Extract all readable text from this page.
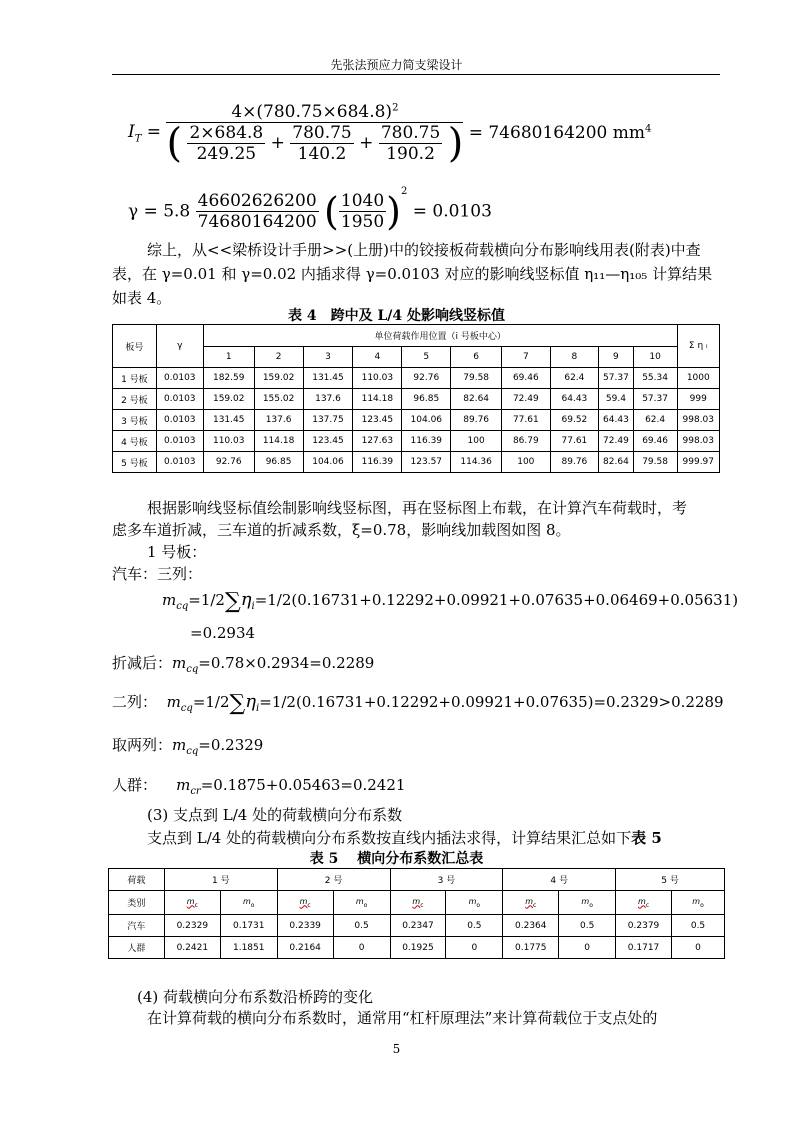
先张法预应力简支梁设计
$I_T$ =
$4\times(780.75\times 684.8)^2$
( $\frac{2\times 684.8}{249.25} + \frac{780.75}{140.2} + \frac{780.75}{190.2}$ ) = 74680164200 $mm^4$
$\gamma = 5.8 \frac{46602626200}{74680164200}$ ( $\frac{1040}{1950} )^2 = 0.0103$
综上，从<<梁桥设计手册>>(上册)中的铰接板荷载横向分布影响线用表(附表)中查
表，在 γ=0.01 和 γ=0.02 内插求得 γ=0.0103 对应的影响线竖标值 η₁₁—η₁₀₅ 计算结果
如表 4。
表 4　跨中及 L/4 处影响线竖标值
板号	γ	单位荷载作用位置（i 号板中心）										Σ η ᵢ
		1	2	3	4	5	6	7	8	9	10	
1 号板	0.0103	182.59	159.02	131.45	110.03	92.76	79.58	69.46	62.4	57.37	55.34	1000
2 号板	0.0103	159.02	155.02	137.6	114.18	96.85	82.64	72.49	64.43	59.4	57.37	999
3 号板	0.0103	131.45	137.6	137.75	123.45	104.06	89.76	77.61	69.52	64.43	62.4	998.03
4 号板	0.0103	110.03	114.18	123.45	127.63	116.39	100	86.79	77.61	72.49	69.46	998.03
5 号板	0.0103	92.76	96.85	104.06	116.39	123.57	114.36	100	89.76	82.64	79.58	999.97
根据影响线竖标值绘制影响线竖标图，再在竖标图上布载，在计算汽车荷载时，考
虑多车道折减，三车道的折减系数，ξ=0.78，影响线加载图如图 8。
1 号板：
汽车：三列：
$m_{cq}=1/2\sum\eta_i=1/2(0.16731+0.12292+0.09921+0.07635+0.06469+0.05631)$
=0.2934
折减后：$m_{cq}=0.78\times 0.2934=0.2289$
二列： $m_{cq}=1/2\sum\eta_i=1/2(0.16731+0.12292+0.09921+0.07635)=0.2329>0.2289$
取两列：$m_{cq}=0.2329$
人群： $m_{cr}=0.1875+0.05463=0.2421$
(3) 支点到 L/4 处的荷载横向分布系数
支点到 L/4 处的荷载横向分布系数按直线内插法求得，计算结果汇总如下表 5
表 5　 横向分布系数汇总表
荷载	1 号		2 号		3 号		4 号		5 号	
类别	$m_c$	$m_o$	$m_c$	$m_o$	$m_c$	$m_o$	$m_c$	$m_o$	$m_c$	$m_o$
汽车	0.2329	0.1731	0.2339	0.5	0.2347	0.5	0.2364	0.5	0.2379	0.5
人群	0.2421	1.1851	0.2164	0	0.1925	0	0.1775	0	0.1717	0
(4) 荷载横向分布系数沿桥跨的变化
在计算荷载的横向分布系数时，通常用“杠杆原理法”来计算荷载位于支点处的
5
